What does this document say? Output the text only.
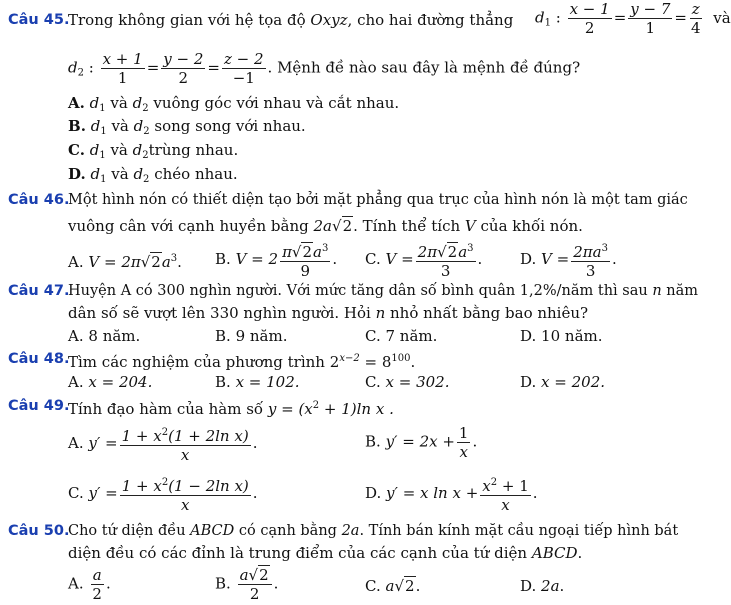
Câu 45.
Trong không gian với hệ tọa độ Oxyz, cho hai đường thẳng $d_1$ : $\frac{x - 1}{2} = \frac{y - 7}{1} = \frac{z}{4}$ và
$d_2$ : $\frac{x + 1}{1} = \frac{y - 2}{2} = \frac{z - 2}{-1}$ . Mệnh đề nào sau đây là mệnh đề đúng?
A. $d_1$ và $d_2$ vuông góc với nhau và cắt nhau.
B. $d_1$ và $d_2$ song song với nhau.
C. $d_1$ và $d_2trùng$ nhau.
D. $d_1$ và $d_2$ chéo nhau.
Câu 46.
Một hình nón có thiết diện tạo bởi mặt phẳng qua trục của hình nón là một tam giác
vuông cân với cạnh huyền bằng 2a√2. Tính thể tích V của khối nón.
A. $V = 2\pi√2a^3$. B. $V = 2 \frac{\pi√2a^3}{9}$ . C. $V = \frac{2\pi√2a^3}{3}$ .	D. $V = \frac{2\pi a^3}{3}$ .
Câu 47.
Huyện A có 300 nghìn người. Với mức tăng dân số bình quân 1,2%/năm thì sau n năm
dân số sẽ vượt lên 330 nghìn người. Hỏi n nhỏ nhất bằng bao nhiêu?
A. 8 năm.	B. 9 năm.	C. 7 năm.	D. 10 năm.
Câu 48.
Tìm các nghiệm của phương trình $2^{x-2} = 8^{100}$.
A. x = 204.	B. x = 102.	C. x = 302.	D. x = 202.
Câu 49.
Tính đạo hàm của hàm số $y = (x^2 + 1)\ln$ x .
A. $y' = \frac{1 + x^2(1 + 2\ln x)}{x}$ .	B. $y' = 2x + \frac{1}{x}$ .
C. $y' = \frac{1 + x^2(1 - 2\ln x)}{x}$ .	D. y′ = x $\ln x + \frac{x^2 + 1}{x}$ .
Câu 50.
Cho tứ diện đều ABCD có cạnh bằng 2a. Tính bán kính mặt cầu ngoại tiếp hình bát
diện đều có các đỉnh là trung điểm của các cạnh của tứ diện ABCD.
A. $\frac{a}{2}$ .	B. $\frac{a√2}{2}$ .	C. a√2.	D. 2a.
